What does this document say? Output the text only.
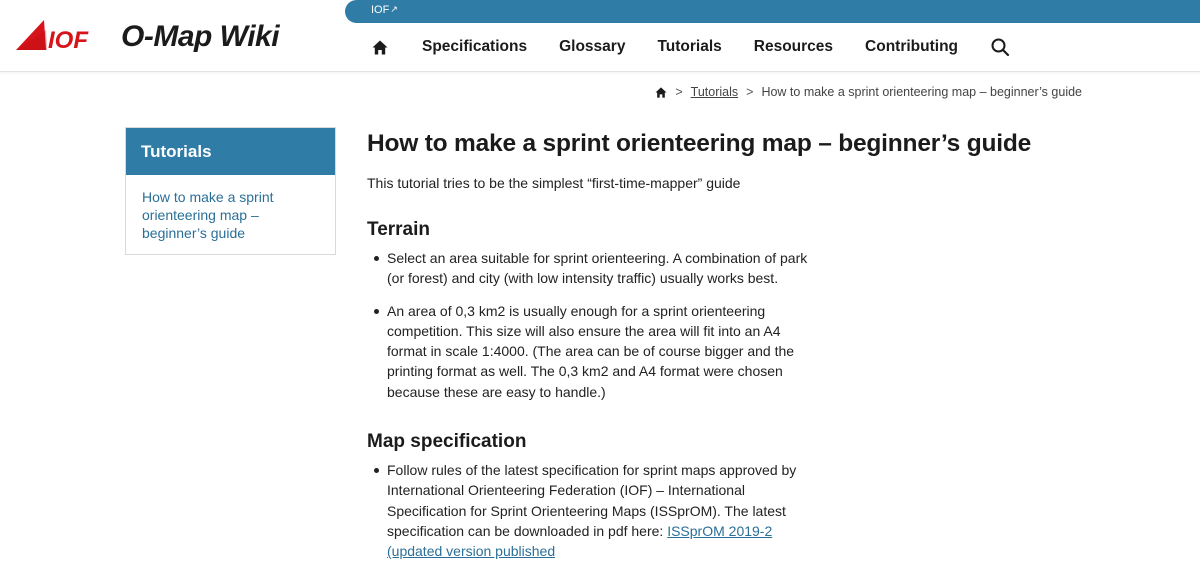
IOF O-Map Wiki
IOF↗
Specifications	Glossary	Tutorials	Resources	Contributing
> Tutorials > How to make a sprint orienteering map – beginner’s guide
Tutorials
How to make a sprint orienteering map – beginner’s guide
How to make a sprint orienteering map – beginner’s guide

This tutorial tries to be the simplest “first-time-mapper” guide

Terrain
Select an area suitable for sprint orienteering. A combination of park (or forest) and city (with low intensity traffic) usually works best.
An area of 0,3 km2 is usually enough for a sprint orienteering competition. This size will also ensure the area will fit into an A4 format in scale 1:4000. (The area can be of course bigger and the printing format as well. The 0,3 km2 and A4 format were chosen because these are easy to handle.)
Map specification
Follow rules of the latest specification for sprint maps approved by International Orienteering Federation (IOF) – International Specification for Sprint Orienteering Maps (ISSprOM). The latest specification can be downloaded in pdf here: ISSprOM 2019-2 (updated version published
